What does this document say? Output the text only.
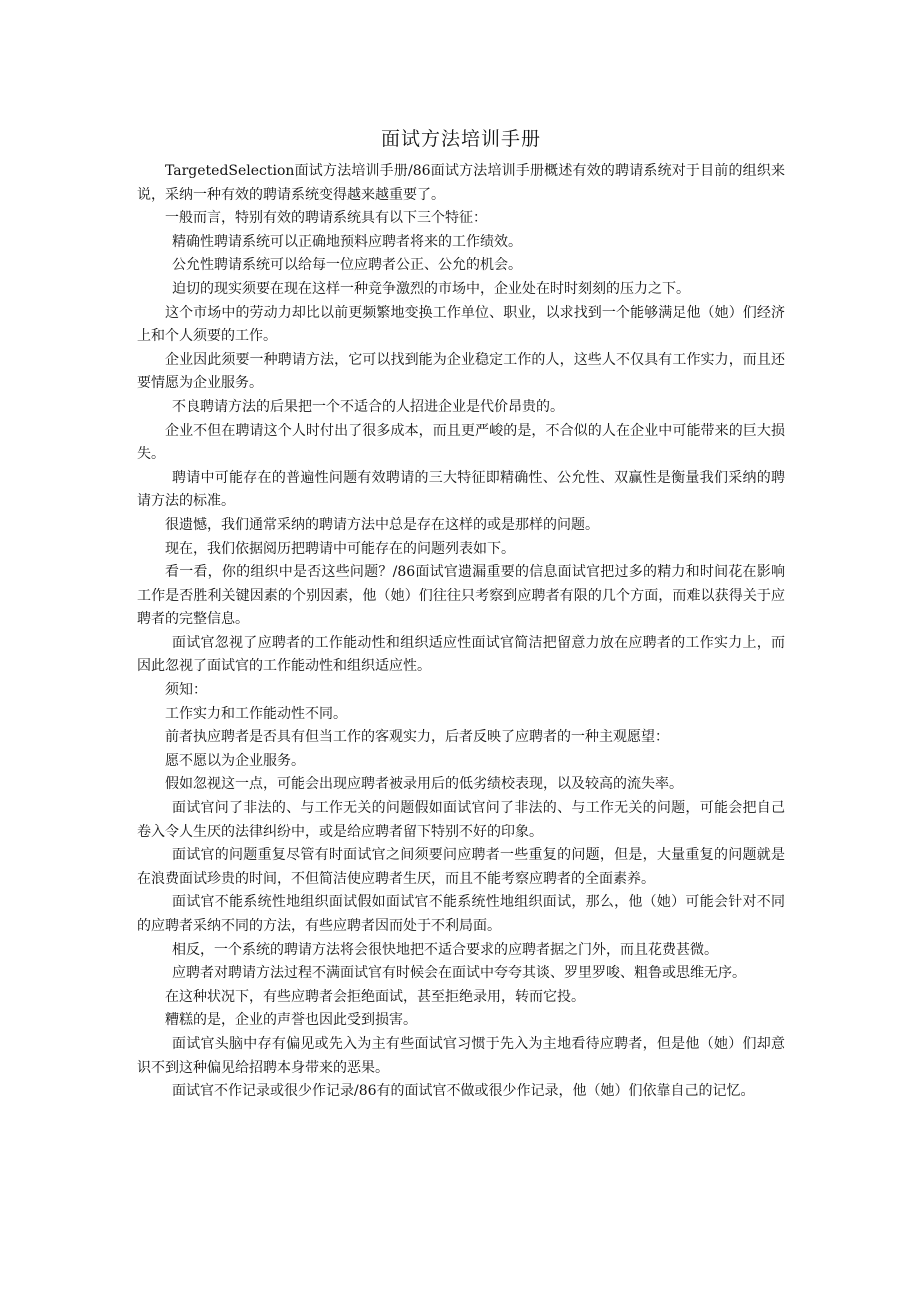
面试方法培训手册

TargetedSelection面试方法培训手册/86面试方法培训手册概述有效的聘请系统对于目前的组织来说，采纳一种有效的聘请系统变得越来越重要了。

一般而言，特别有效的聘请系统具有以下三个特征：

精确性聘请系统可以正确地预料应聘者将来的工作绩效。

公允性聘请系统可以给每一位应聘者公正、公允的机会。

迫切的现实须要在现在这样一种竞争激烈的市场中，企业处在时时刻刻的压力之下。

这个市场中的劳动力却比以前更频繁地变换工作单位、职业，以求找到一个能够满足他（她）们经济上和个人须要的工作。

企业因此须要一种聘请方法，它可以找到能为企业稳定工作的人，这些人不仅具有工作实力，而且还要情愿为企业服务。

不良聘请方法的后果把一个不适合的人招进企业是代价昂贵的。

企业不但在聘请这个人时付出了很多成本，而且更严峻的是，不合似的人在企业中可能带来的巨大损失。

聘请中可能存在的普遍性问题有效聘请的三大特征即精确性、公允性、双赢性是衡量我们采纳的聘请方法的标准。

很遗憾，我们通常采纳的聘请方法中总是存在这样的或是那样的问题。

现在，我们依据阅历把聘请中可能存在的问题列表如下。

看一看，你的组织中是否这些问题？/86面试官遗漏重要的信息面试官把过多的精力和时间花在影响工作是否胜利关键因素的个别因素，他（她）们往往只考察到应聘者有限的几个方面，而难以获得关于应聘者的完整信息。

面试官忽视了应聘者的工作能动性和组织适应性面试官简洁把留意力放在应聘者的工作实力上，而因此忽视了面试官的工作能动性和组织适应性。

须知：

工作实力和工作能动性不同。

前者执应聘者是否具有但当工作的客观实力，后者反映了应聘者的一种主观愿望：

愿不愿以为企业服务。

假如忽视这一点，可能会出现应聘者被录用后的低劣绩校表现，以及较高的流失率。

面试官问了非法的、与工作无关的问题假如面试官问了非法的、与工作无关的问题，可能会把自己卷入令人生厌的法律纠纷中，或是给应聘者留下特别不好的印象。

面试官的问题重复尽管有时面试官之间须要问应聘者一些重复的问题，但是，大量重复的问题就是在浪费面试珍贵的时间，不但简洁使应聘者生厌，而且不能考察应聘者的全面素养。

面试官不能系统性地组织面试假如面试官不能系统性地组织面试，那么，他（她）可能会针对不同的应聘者采纳不同的方法，有些应聘者因而处于不利局面。

相反，一个系统的聘请方法将会很快地把不适合要求的应聘者据之门外，而且花费甚微。

应聘者对聘请方法过程不满面试官有时候会在面试中夸夸其谈、罗里罗唆、粗鲁或思维无序。

在这种状况下，有些应聘者会拒绝面试，甚至拒绝录用，转而它投。

糟糕的是，企业的声誉也因此受到损害。

面试官头脑中存有偏见或先入为主有些面试官习惯于先入为主地看待应聘者，但是他（她）们却意识不到这种偏见给招聘本身带来的恶果。

面试官不作记录或很少作记录/86有的面试官不做或很少作记录，他（她）们依靠自己的记忆。
